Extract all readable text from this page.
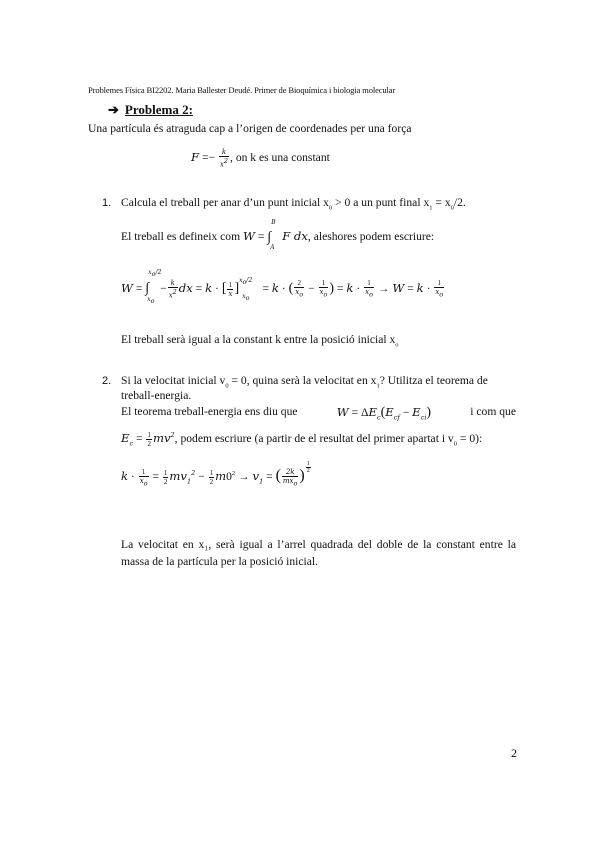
Problemes Física BI2202. Maria Ballester Deudé. Primer de Bioquímica i biologia molecular
➔ Problema 2:
Una partícula és atraguda cap a l’origen de coordenades per una força
$F =- \frac{k}{x^2}$ , on k es una constant
1. Calcula el treball per anar d’un punt inicial $x_0 > 0$ a un punt final $x_1 = x_0/2$.
El treball es defineix com W = ∫
B
A
F dx, aleshores podem escriure:
W = ∫
$x_o/2$
$x_o$
− $\frac{k}{x^2}$ dx = k · [ $\frac{1}{x} ]^{x_o/2}_{x_o} = k$ · ( $\frac{2}{x_o} - \frac{1}{x_o}$ ) = $k \cdot \frac{1}{x_o} \to W = k \cdot \frac{1}{x_o}$
El treball serà igual a la constant k entre la posició inicial $x_o$
2. Si la velocitat inicial $v_0 = 0$, quina serà la velocitat en $x_1$? Utilitza el teorema de
treball-energia.
El teorema treball-energia ens diu que	$W = \Delta E_c(E_{cf} - E_{ci})$	i com que
$E_c = \frac{1}{2} mv^2$, podem escriure (a partir de el resultat del primer apartat i $v_0 = 0$):
$k \cdot \frac{1}{x_o} = \frac{1}{2} mv_1^2 - \frac{1}{2} m0^2 \to v_1$ = ( $\frac{2k}{mx_o}$ ) $\frac{1}{2}$
La velocitat en x₁, serà igual a l’arrel quadrada del doble de la constant entre la massa de la partícula per la posició inicial.
2
